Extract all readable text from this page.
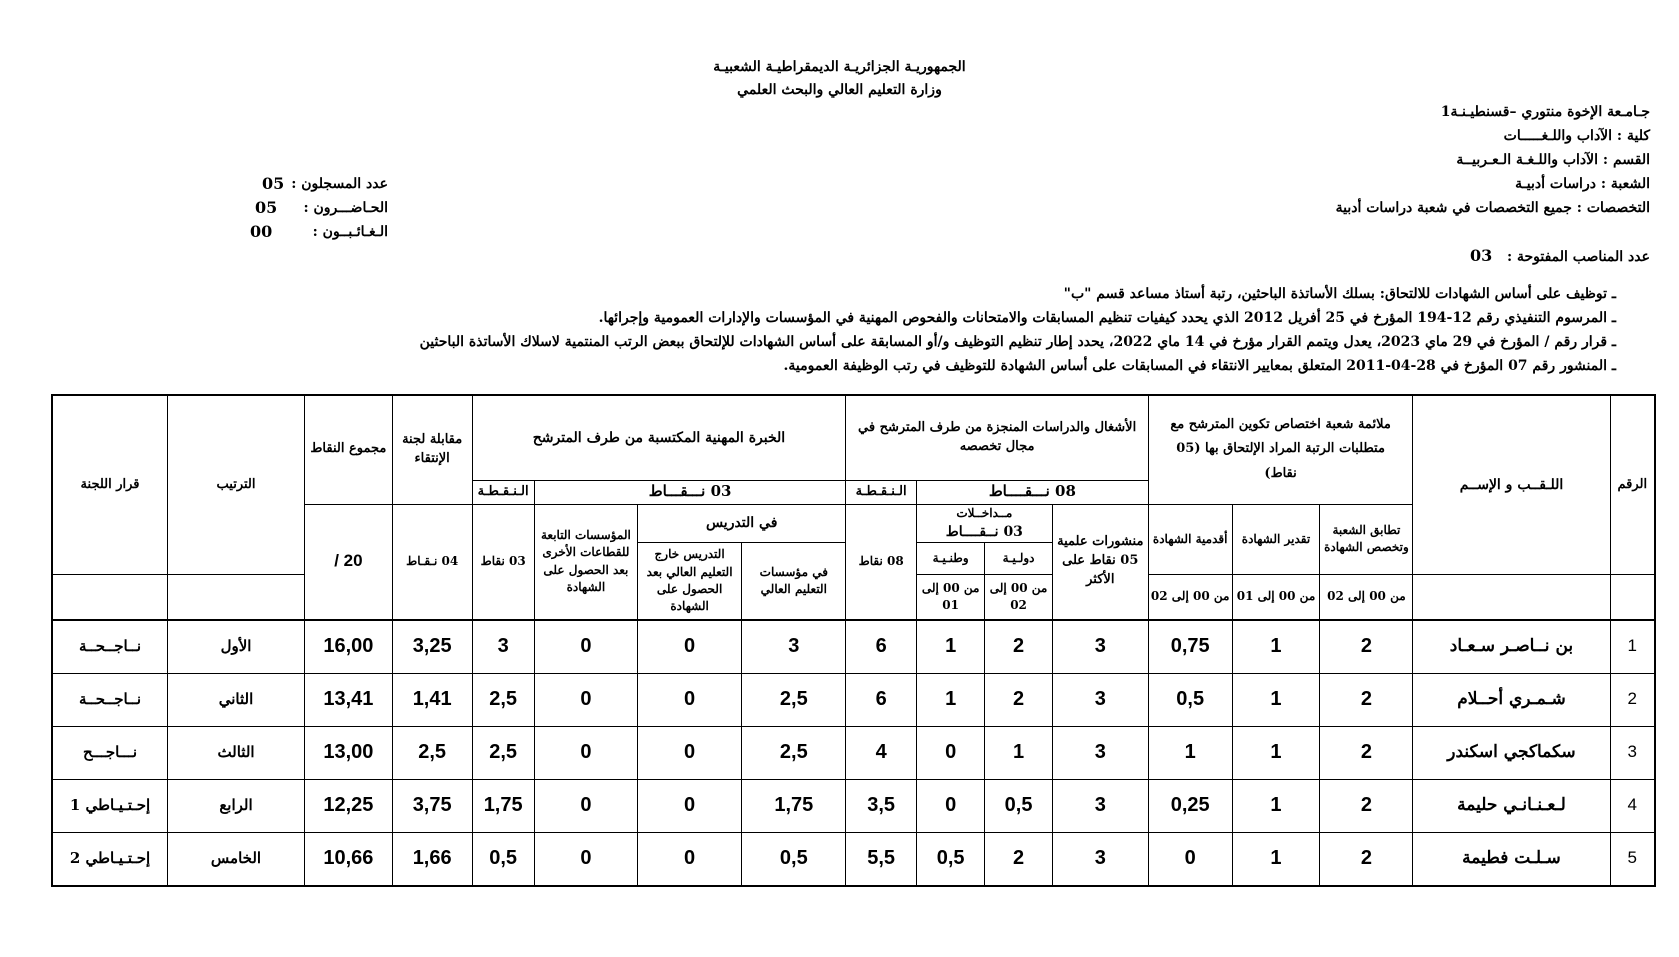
الجمهوريـة الجزائريـة الديمقراطيـة الشعبيـة
وزارة التعليم العالي والبحث العلمي
جـامـعة الإخوة منتوري –قسنطيـنـة1
كلية : الآداب واللـغـــــات
القسم : الآداب واللـغـة الـعـربيــة
الشعبة : دراسات أدبيـة
التخصصات : جميع التخصصات في شعبة دراسات أدبية
عدد المناصب المفتوحة :   03
عدد المسجلون :
05
الحـاضـــرون :
05
الـغـائـبــون :
00
ـ توظيف على أساس الشهادات للالتحاق: بسلك الأساتذة الباحثين، رتبة أستاذ مساعد قسم "ب"
ـ المرسوم التنفيذي رقم 12-194 المؤرخ في 25 أفريل 2012 الذي يحدد كيفيات تنظيم المسابقات والامتحانات والفحوص المهنية في المؤسسات والإدارات العمومية وإجرائها.
ـ قرار رقم / المؤرخ في 29 ماي 2023، يعدل ويتمم القرار مؤرخ في 14 ماي 2022، يحدد إطار تنظيم التوظيف و/أو المسابقة على أساس الشهادات للإلتحاق ببعض الرتب المنتمية لاسلاك الأساتذة الباحثين
ـ المنشور رقم 07 المؤرخ في 28-04-2011 المتعلق بمعايير الانتقاء في المسابقات على أساس الشهادة للتوظيف في رتب الوظيفة العمومية.
الرقم	اللـقــب و الإســم	ملائمة شعبة اختصاص تكوين المترشح مع متطلبات الرتبة المراد الإلتحاق بها (05 نقاط)			الأشغال والدراسات المنجزة من طرف المترشح في مجال تخصصه				الخبرة المهنية المكتسبة من طرف المترشح				مقابلة لجنة الإنتقاء	مجموع النقاط	الترتيب	قرار اللجنة
					08 نـــقــــاط			الـنـقـطـة	03 نـــقـــاط			الـنـقـطـة				
		تطابق الشعبة وتخصص الشهادة	تقدير الشهادة	أقدمية الشهادة	منشورات علمية 05 نقاط على الأكثر	مــداخــلات
03 نــقــــاط		08 نقاط	في التدريس		المؤسسات التابعة للقطاعات الأخرى بعد الحصول على الشهادة	03 نقاط	04 نـقـاط	20 /		
						دولـيـة	وطنـيـة		في مؤسسات التعليم العالي	التدريس خارج التعليم العالي بعد الحصول على الشهادة						
		من 00 إلى 02	من 00 إلى 01	من 00 إلى 02		من 00 إلى 02	من 00 إلى 01									
1	بن نــاصـر سـعـاد	2	1	0,75	3	2	1	6	3	0	0	3	3,25	16,00	الأول	نــاجــحــة
2	شـمـري أحــلام	2	1	0,5	3	2	1	6	2,5	0	0	2,5	1,41	13,41	الثاني	نــاجــحــة
3	سكماكجي اسكندر	2	1	1	3	1	0	4	2,5	0	0	2,5	2,5	13,00	الثالث	نـــاجـــح
4	لـعـنـانـي حليمة	2	1	0,25	3	0,5	0	3,5	1,75	0	0	1,75	3,75	12,25	الرابع	إحـتـيـاطي 1
5	سـلـت فطيمة	2	1	0	3	2	0,5	5,5	0,5	0	0	0,5	1,66	10,66	الخامس	إحـتـيـاطي 2
